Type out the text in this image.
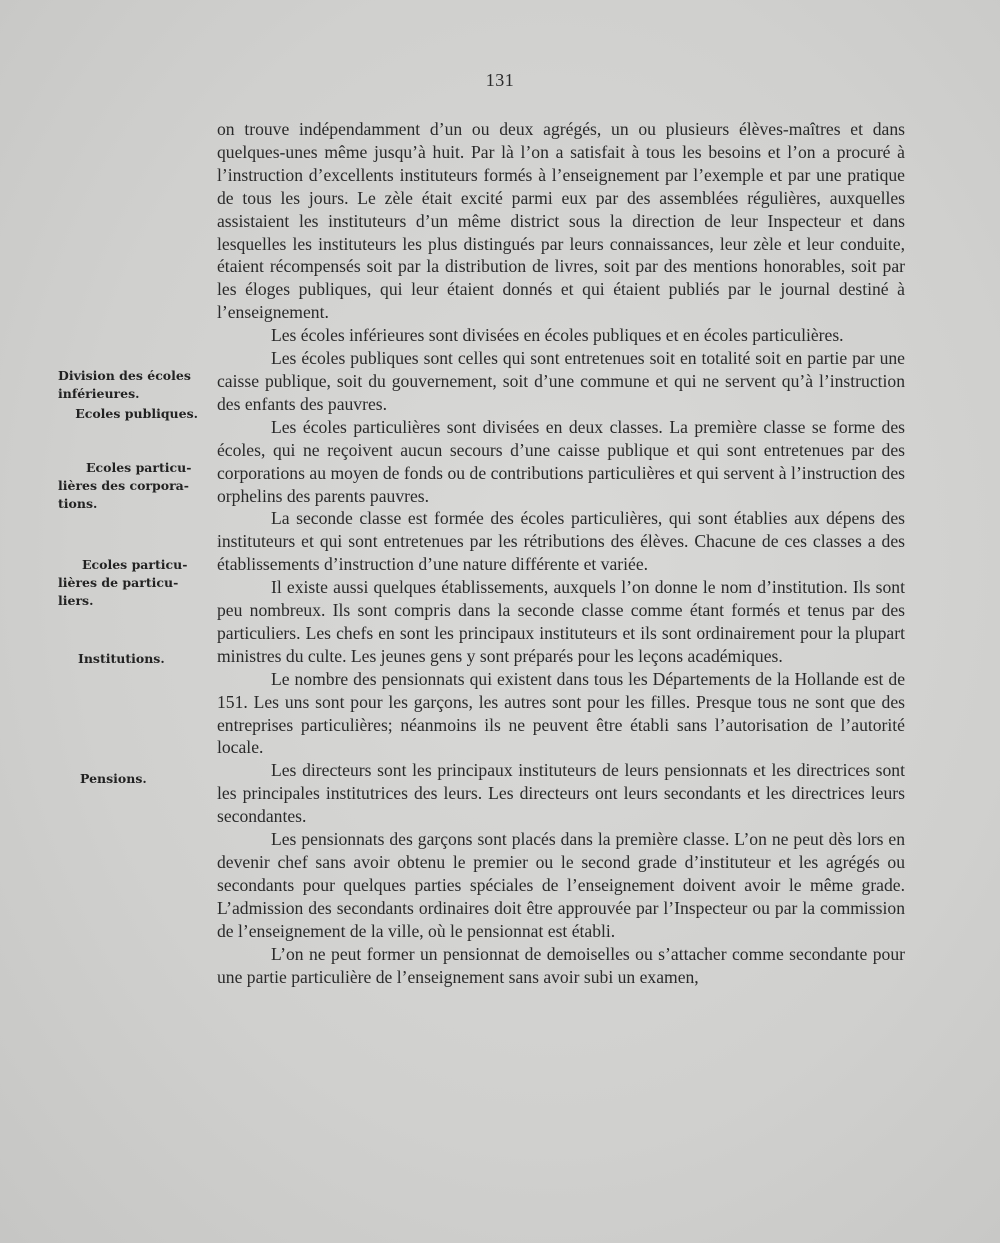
131
Division des écoles
inférieures.
Ecoles publiques.
Ecoles particu-
lières des corpora-
tions.
Ecoles particu-
lières de particu-
liers.
Institutions.
Pensions.

on trouve indépendamment d’un ou deux agrégés, un ou plusieurs élèves-maîtres et dans quelques-unes même jusqu’à huit. Par là l’on a satisfait à tous les besoins et l’on a procuré à l’instruction d’excellents instituteurs formés à l’enseignement par l’exemple et par une pratique de tous les jours. Le zèle était excité parmi eux par des assemblées régulières, auxquelles assistaient les instituteurs d’un même district sous la direction de leur Inspecteur et dans lesquelles les instituteurs les plus distingués par leurs connaissances, leur zèle et leur conduite, étaient récompensés soit par la distribution de livres, soit par des mentions honorables, soit par les éloges publiques, qui leur étaient donnés et qui étaient publiés par le journal destiné à l’enseignement.

Les écoles inférieures sont divisées en écoles publiques et en écoles particulières.

Les écoles publiques sont celles qui sont entretenues soit en totalité soit en partie par une caisse publique, soit du gouvernement, soit d’une commune et qui ne servent qu’à l’instruction des enfants des pauvres.

Les écoles particulières sont divisées en deux classes. La première classe se forme des écoles, qui ne reçoivent aucun secours d’une caisse publique et qui sont entretenues par des corporations au moyen de fonds ou de contributions particulières et qui servent à l’instruction des orphelins des parents pauvres.

La seconde classe est formée des écoles particulières, qui sont établies aux dépens des instituteurs et qui sont entretenues par les rétributions des élèves. Chacune de ces classes a des établissements d’instruction d’une nature différente et variée.

Il existe aussi quelques établissements, auxquels l’on donne le nom d’institution. Ils sont peu nombreux. Ils sont compris dans la seconde classe comme étant formés et tenus par des particuliers. Les chefs en sont les principaux instituteurs et ils sont ordinairement pour la plupart ministres du culte. Les jeunes gens y sont préparés pour les leçons académiques.

Le nombre des pensionnats qui existent dans tous les Départements de la Hollande est de 151. Les uns sont pour les garçons, les autres sont pour les filles. Presque tous ne sont que des entreprises particulières; néanmoins ils ne peuvent être établi sans l’autorisation de l’autorité locale.

Les directeurs sont les principaux instituteurs de leurs pensionnats et les directrices sont les principales institutrices des leurs. Les directeurs ont leurs secondants et les directrices leurs secondantes.

Les pensionnats des garçons sont placés dans la première classe. L’on ne peut dès lors en devenir chef sans avoir obtenu le premier ou le second grade d’instituteur et les agrégés ou secondants pour quelques parties spéciales de l’enseignement doivent avoir le même grade. L’admission des secondants ordinaires doit être approuvée par l’Inspecteur ou par la commission de l’enseignement de la ville, où le pensionnat est établi.

L’on ne peut former un pensionnat de demoiselles ou s’attacher comme secondante pour une partie particulière de l’enseignement sans avoir subi un examen,
